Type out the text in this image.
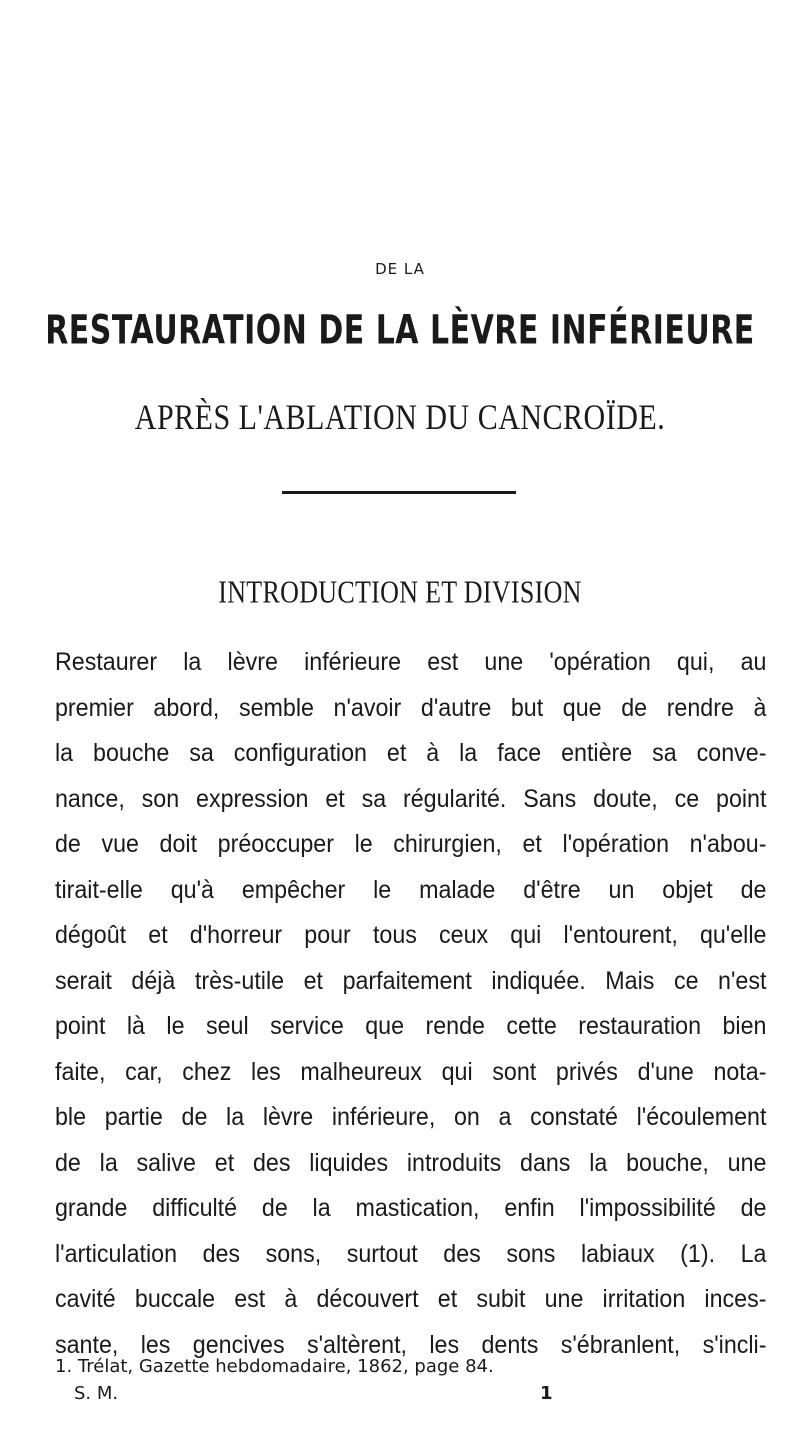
DE LA
RESTAURATION DE LA LÈVRE INFÉRIEURE
APRÈS L'ABLATION DU CANCROÏDE.
INTRODUCTION ET DIVISION
Restaurer la lèvre inférieure est une 'opération qui, au
premier abord, semble n'avoir d'autre but que de rendre à
la bouche sa configuration et à la face entière sa conve-
nance, son expression et sa régularité. Sans doute, ce point
de vue doit préoccuper le chirurgien, et l'opération n'abou-
tirait-elle qu'à empêcher le malade d'être un objet de
dégoût et d'horreur pour tous ceux qui l'entourent, qu'elle
serait déjà très-utile et parfaitement indiquée. Mais ce n'est
point là le seul service que rende cette restauration bien
faite, car, chez les malheureux qui sont privés d'une nota-
ble partie de la lèvre inférieure, on a constaté l'écoulement
de la salive et des liquides introduits dans la bouche, une
grande difficulté de la mastication, enfin l'impossibilité de
l'articulation des sons, surtout des sons labiaux (1). La
cavité buccale est à découvert et subit une irritation inces-
sante, les gencives s'altèrent, les dents s'ébranlent, s'incli-
1. Trélat, Gazette hebdomadaire, 1862, page 84.
S. M.	1
